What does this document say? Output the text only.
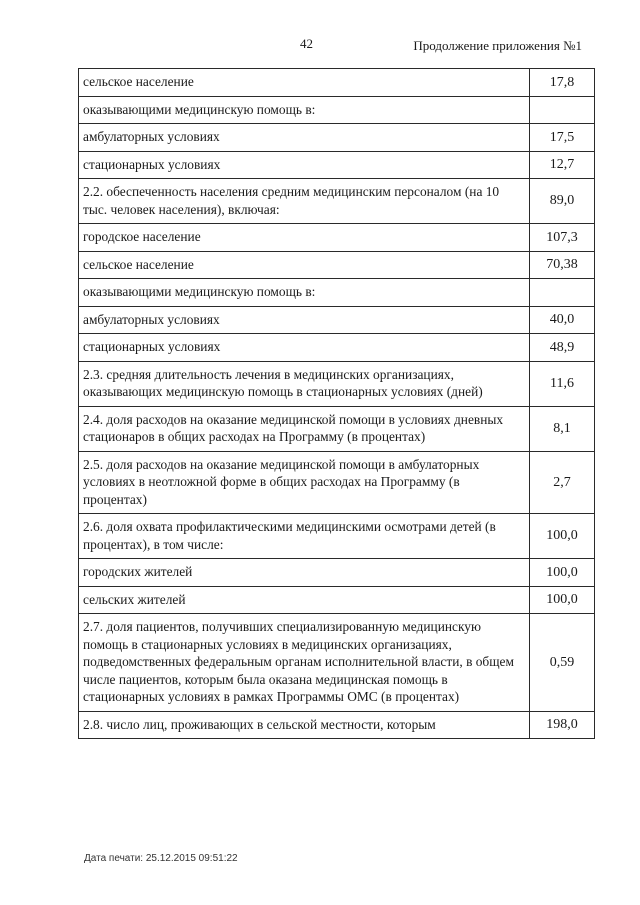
42	Продолжение приложения №1
сельское население	17,8
оказывающими медицинскую помощь в:	
амбулаторных условиях	17,5
стационарных условиях	12,7
2.2. обеспеченность населения средним медицинским персоналом (на 10 тыс. человек населения), включая:	89,0
городское население	107,3
сельское население	70,38
оказывающими медицинскую помощь в:	
амбулаторных условиях	40,0
стационарных условиях	48,9
2.3. средняя длительность лечения в медицинских организациях, оказывающих медицинскую помощь в стационарных условиях (дней)	11,6
2.4. доля расходов на оказание медицинской помощи в условиях дневных стационаров в общих расходах на Программу (в процентах)	8,1
2.5. доля расходов на оказание медицинской помощи в амбулаторных условиях в неотложной форме в общих расходах на Программу (в процентах)	2,7
2.6. доля охвата профилактическими медицинскими осмотрами детей (в процентах), в том числе:	100,0
городских жителей	100,0
сельских жителей	100,0
2.7. доля пациентов, получивших специализированную медицинскую помощь в стационарных условиях в медицинских организациях, подведомственных федеральным органам исполнительной власти, в общем числе пациентов, которым была оказана медицинская помощь в стационарных условиях в рамках Программы ОМС (в процентах)	0,59
2.8. число лиц, проживающих в сельской местности, которым	198,0
Дата печати: 25.12.2015 09:51:22
